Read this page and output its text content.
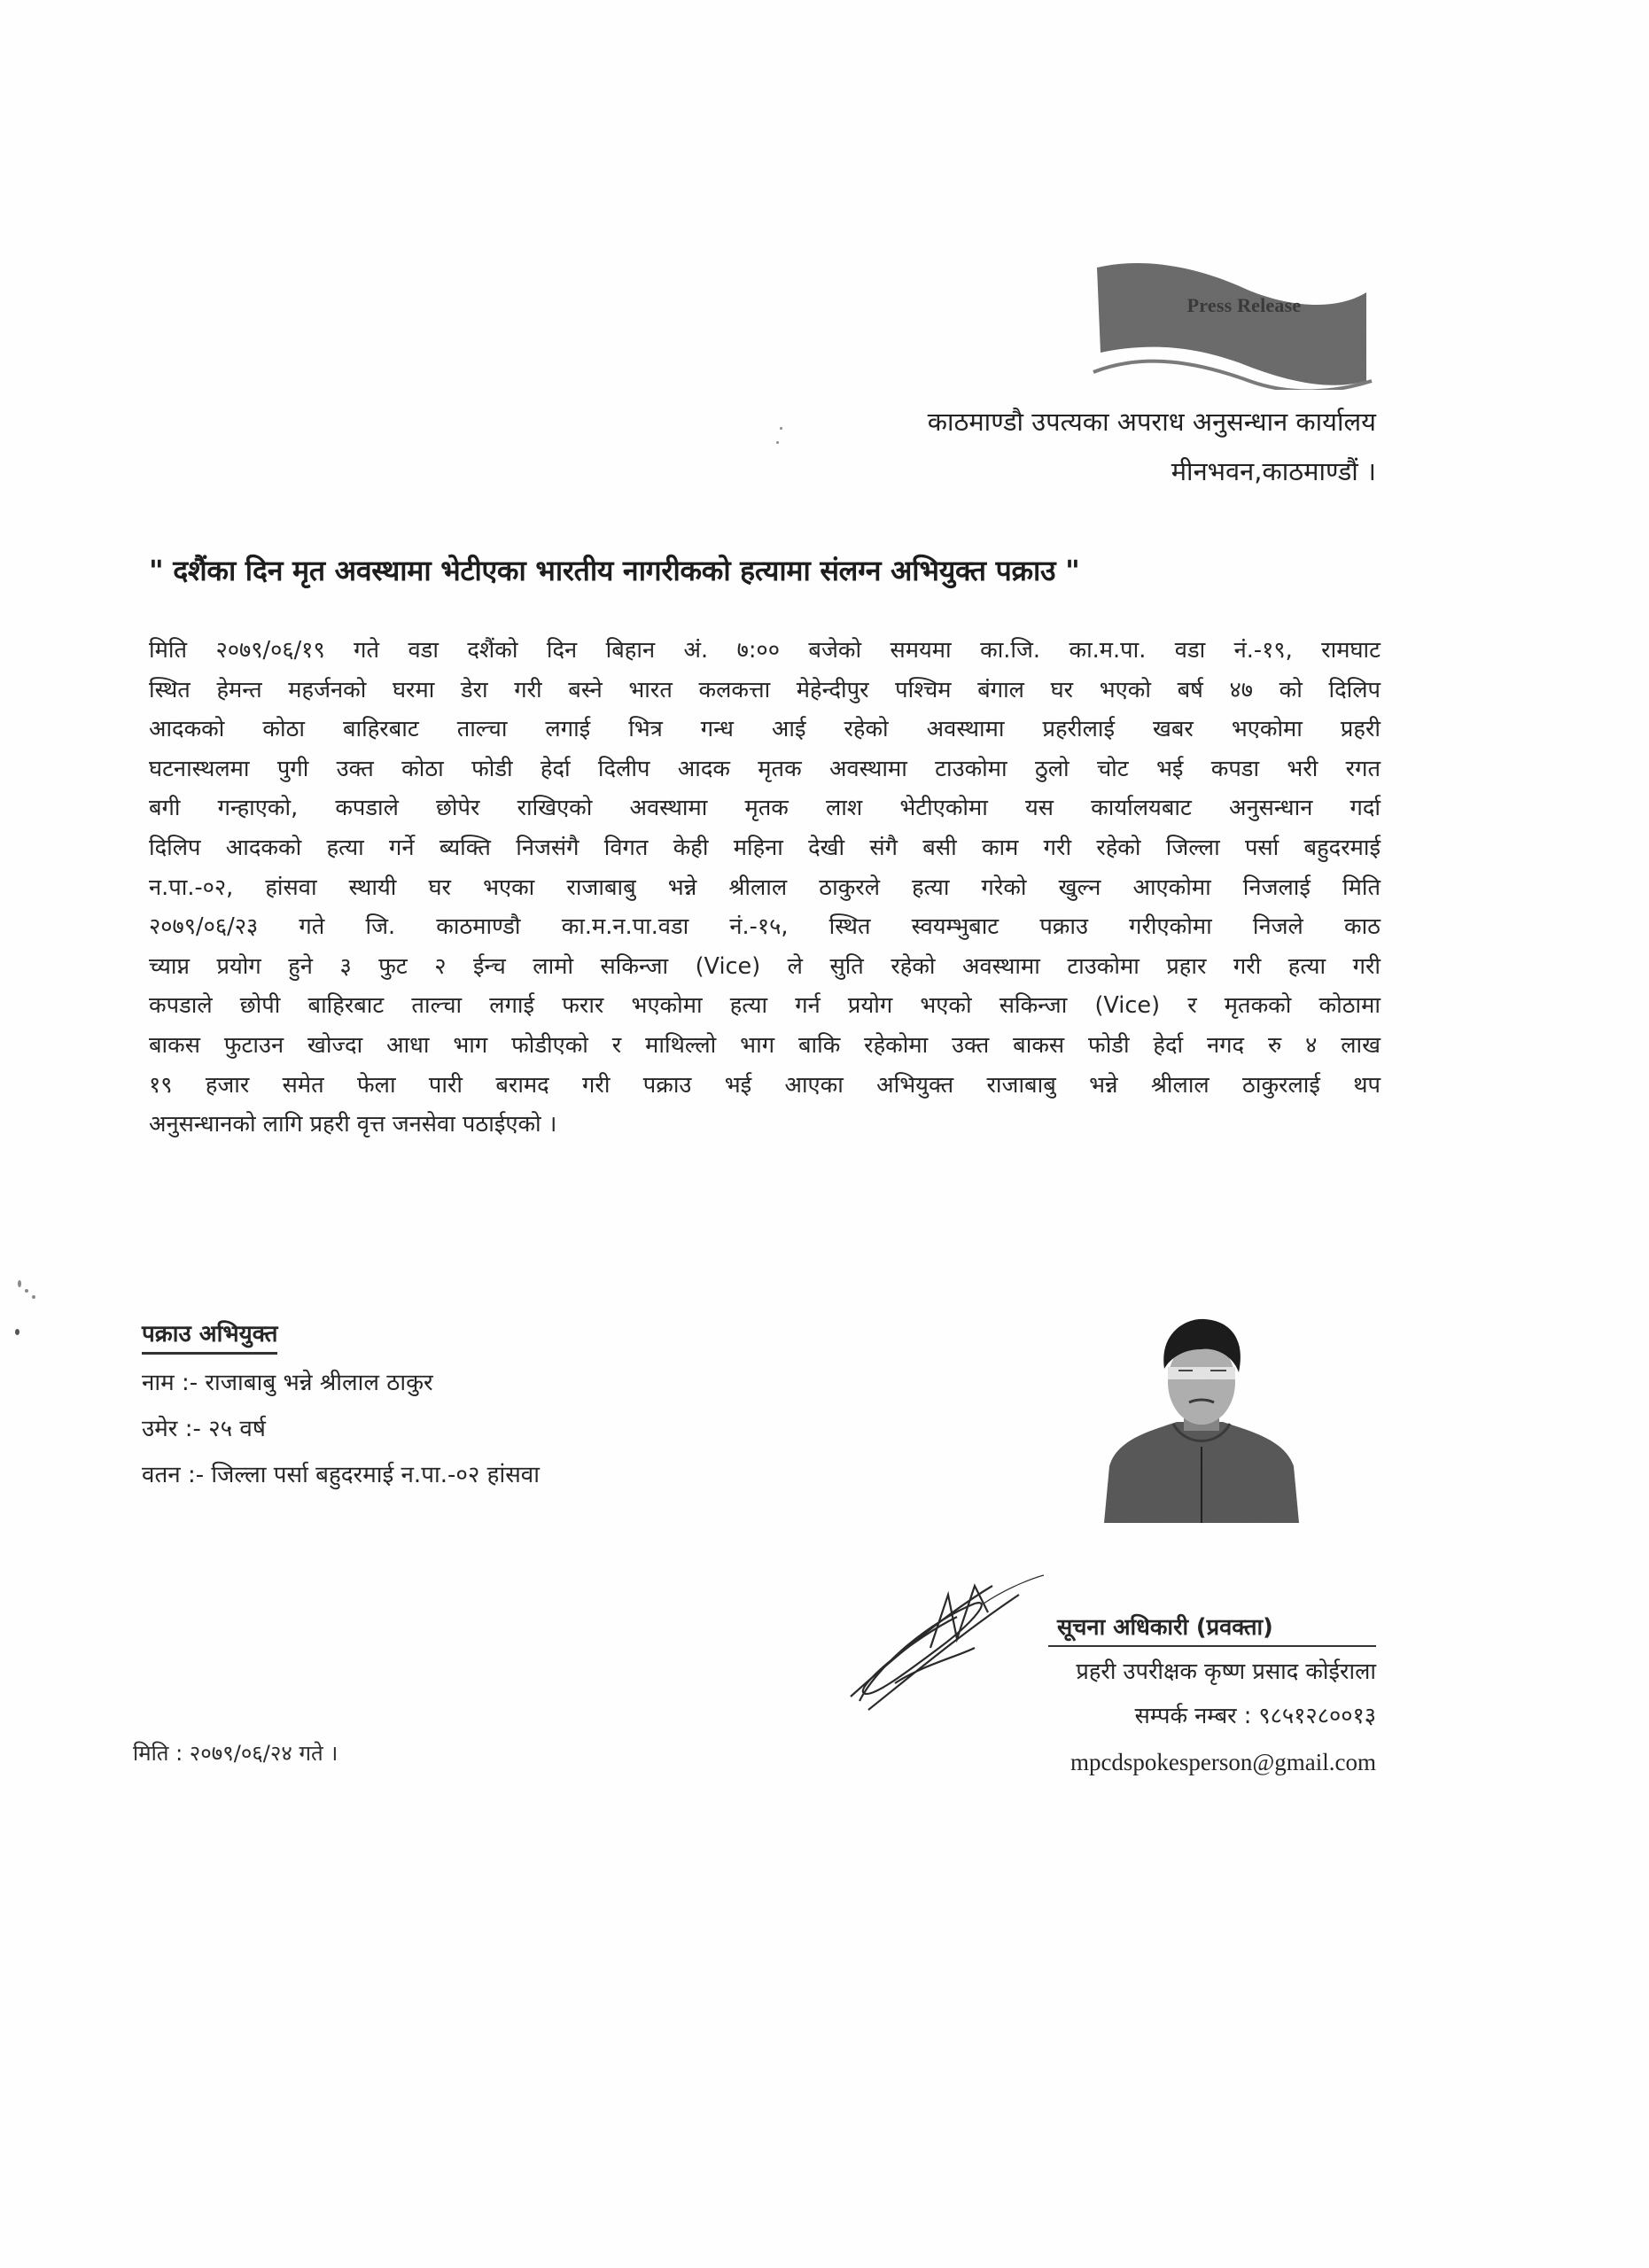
Press Release
काठमाण्डौ उपत्यका अपराध अनुसन्धान कार्यालय
मीनभवन,काठमाण्डौं ।
" दशैंका दिन मृत अवस्थामा भेटीएका भारतीय नागरीकको हत्यामा संलग्न अभियुक्त पक्राउ "
मिति २०७९/०६/१९ गते वडा दशैंको दिन बिहान अं. ७:०० बजेको समयमा का.जि. का.म.पा. वडा नं.-१९, रामघाट
स्थित हेमन्त महर्जनको घरमा डेरा गरी बस्ने भारत कलकत्ता मेहेन्दीपुर पश्चिम बंगाल घर भएको बर्ष ४७ को दिलिप
आदकको कोठा बाहिरबाट ताल्चा लगाई भित्र गन्ध आई रहेको अवस्थामा प्रहरीलाई खबर भएकोमा प्रहरी
घटनास्थलमा पुगी उक्त कोठा फोडी हेर्दा दिलीप आदक मृतक अवस्थामा टाउकोमा ठुलो चोट भई कपडा भरी रगत
बगी गन्हाएको, कपडाले छोपेर राखिएको अवस्थामा मृतक लाश भेटीएकोमा यस कार्यालयबाट अनुसन्धान गर्दा
दिलिप आदकको हत्या गर्ने ब्यक्ति निजसंगै विगत केही महिना देखी संगै बसी काम गरी रहेको जिल्ला पर्सा बहुदरमाई
न.पा.-०२, हांसवा स्थायी घर भएका राजाबाबु भन्ने श्रीलाल ठाकुरले हत्या गरेको खुल्न आएकोमा निजलाई मिति
२०७९/०६/२३ गते जि. काठमाण्डौ का.म.न.पा.वडा नं.-१५, स्थित स्वयम्भुबाट पक्राउ गरीएकोमा निजले काठ
च्याप्न प्रयोग हुने ३ फुट २ ईन्च लामो सकिन्जा (Vice) ले सुति रहेको अवस्थामा टाउकोमा प्रहार गरी हत्या गरी
कपडाले छोपी बाहिरबाट ताल्चा लगाई फरार भएकोमा हत्या गर्न प्रयोग भएको सकिन्जा (Vice) र मृतकको कोठामा
बाकस फुटाउन खोज्दा आधा भाग फोडीएको र माथिल्लो भाग बाकि रहेकोमा उक्त बाकस फोडी हेर्दा नगद रु ४ लाख
१९ हजार समेत फेला पारी बरामद गरी पक्राउ भई आएका अभियुक्त राजाबाबु भन्ने श्रीलाल ठाकुरलाई थप
अनुसन्धानको लागि प्रहरी वृत्त जनसेवा पठाईएको ।
पक्राउ अभियुक्त
नाम :- राजाबाबु भन्ने श्रीलाल ठाकुर
उमेर :- २५ वर्ष
वतन :- जिल्ला पर्सा बहुदरमाई न.पा.-०२ हांसवा
सूचना अधिकारी (प्रवक्ता)
प्रहरी उपरीक्षक कृष्ण प्रसाद कोईराला
सम्पर्क नम्बर : ९८५१२८००१३
mpcdspokesperson@gmail.com
मिति : २०७९/०६/२४ गते ।
